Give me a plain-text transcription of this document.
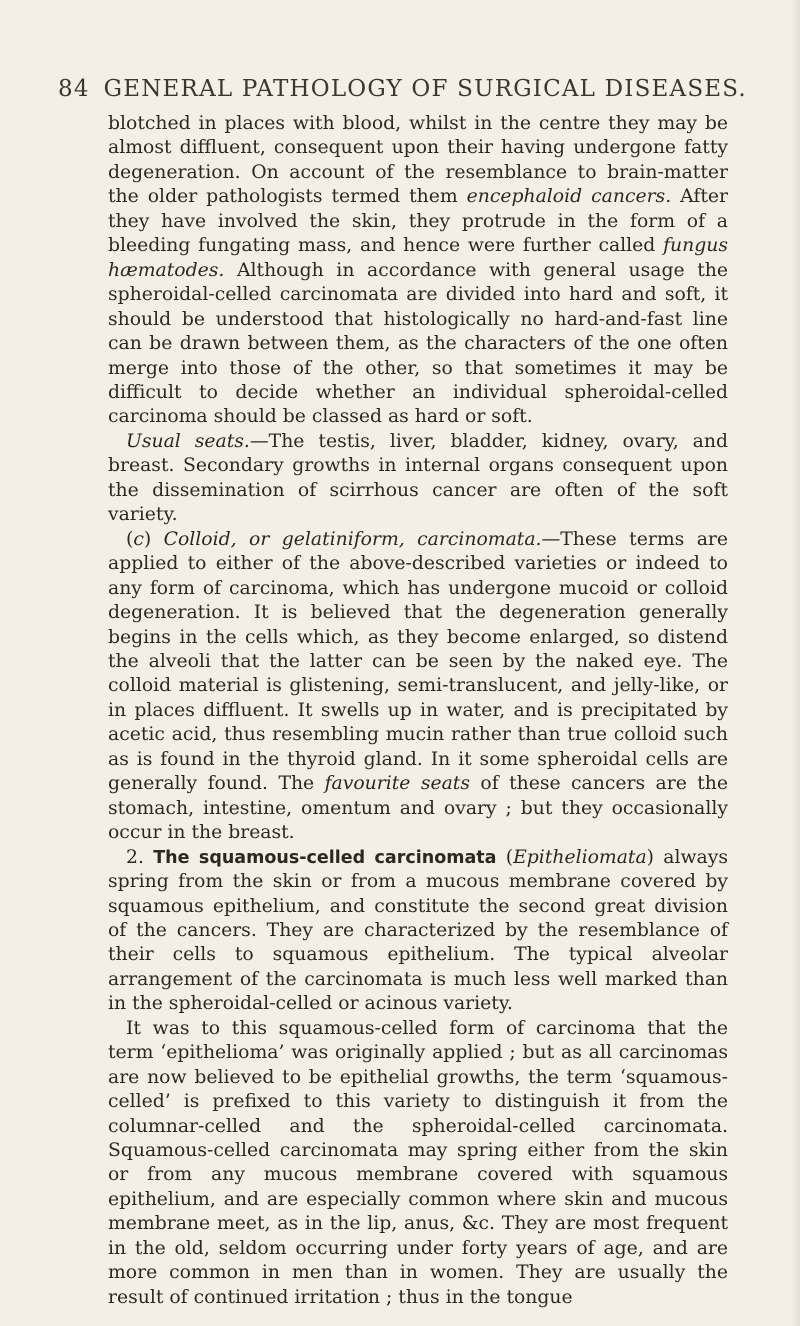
84 GENERAL PATHOLOGY OF SURGICAL DISEASES.

blotched in places with blood, whilst in the centre they may be almost diffluent, consequent upon their having undergone fatty degeneration. On account of the resemblance to brain-matter the older pathologists termed them encephaloid cancers. After they have involved the skin, they protrude in the form of a bleeding fungating mass, and hence were further called fungus hæmatodes. Although in accordance with general usage the spheroidal-celled carcinomata are divided into hard and soft, it should be understood that histologically no hard-and-fast line can be drawn between them, as the characters of the one often merge into those of the other, so that sometimes it may be difficult to decide whether an individual spheroidal-celled carcinoma should be classed as hard or soft.

Usual seats.—The testis, liver, bladder, kidney, ovary, and breast. Secondary growths in internal organs consequent upon the dissemination of scirrhous cancer are often of the soft variety.

(c) Colloid, or gelatiniform, carcinomata.—These terms are applied to either of the above-described varieties or indeed to any form of carcinoma, which has undergone mucoid or colloid degeneration. It is believed that the degeneration generally begins in the cells which, as they become enlarged, so distend the alveoli that the latter can be seen by the naked eye. The colloid material is glistening, semi-translucent, and jelly-like, or in places diffluent. It swells up in water, and is precipitated by acetic acid, thus resembling mucin rather than true colloid such as is found in the thyroid gland. In it some spheroidal cells are generally found. The favourite seats of these cancers are the stomach, intestine, omentum and ovary ; but they occasionally occur in the breast.

2. The squamous-celled carcinomata (Epitheliomata) always spring from the skin or from a mucous membrane covered by squamous epithelium, and constitute the second great division of the cancers. They are characterized by the resemblance of their cells to squamous epithelium. The typical alveolar arrangement of the carcinomata is much less well marked than in the spheroidal-celled or acinous variety.

It was to this squamous-celled form of carcinoma that the term ‘epithelioma’ was originally applied ; but as all carcinomas are now believed to be epithelial growths, the term ‘squamous-celled’ is prefixed to this variety to distinguish it from the columnar-celled and the spheroidal-celled carcinomata. Squamous-celled carcinomata may spring either from the skin or from any mucous membrane covered with squamous epithelium, and are especially common where skin and mucous membrane meet, as in the lip, anus, &c. They are most frequent in the old, seldom occurring under forty years of age, and are more common in men than in women. They are usually the result of continued irritation ; thus in the tongue
